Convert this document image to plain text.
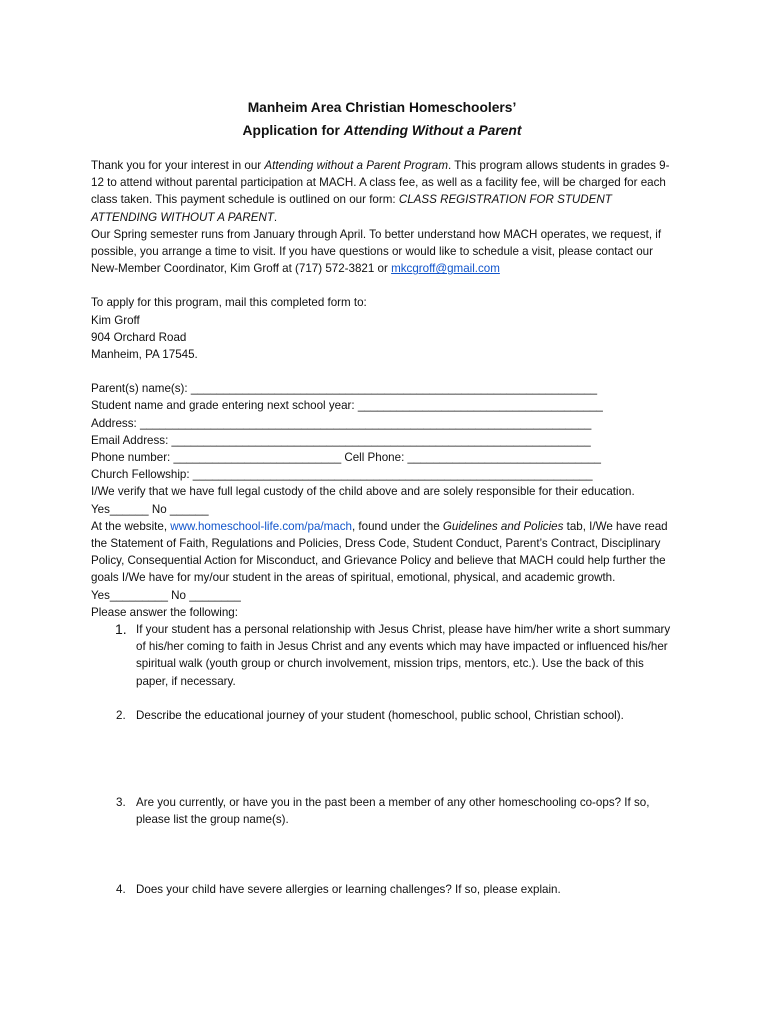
Manheim Area Christian Homeschoolers’
Application for Attending Without a Parent

Thank you for your interest in our Attending without a Parent Program. This program allows students in grades 9-12 to attend without parental participation at MACH. A class fee, as well as a facility fee, will be charged for each class taken. This payment schedule is outlined on our form: CLASS REGISTRATION FOR STUDENT ATTENDING WITHOUT A PARENT.

Our Spring semester runs from January through April. To better understand how MACH operates, we request, if possible, you arrange a time to visit. If you have questions or would like to schedule a visit, please contact our New-Member Coordinator, Kim Groff at (717) 572-3821 or mkcgroff@gmail.com

To apply for this program, mail this completed form to:

Kim Groff

904 Orchard Road

Manheim, PA 17545.

Parent(s) name(s): _______________________________________________________________

Student name and grade entering next school year: ______________________________________

Address: ______________________________________________________________________

Email Address: _________________________________________________________________

Phone number: __________________________ Cell Phone: ______________________________

Church Fellowship: ______________________________________________________________

I/We verify that we have full legal custody of the child above and are solely responsible for their education. Yes______ No ______

At the website, www.homeschool-life.com/pa/mach, found under the Guidelines and Policies tab, I/We have read the Statement of Faith, Regulations and Policies, Dress Code, Student Conduct, Parent’s Contract, Disciplinary Policy, Consequential Action for Misconduct, and Grievance Policy and believe that MACH could help further the goals I/We have for my/our student in the areas of spiritual, emotional, physical, and academic growth. Yes_________ No ________

Please answer the following:

1. If your student has a personal relationship with Jesus Christ, please have him/her write a short summary of his/her coming to faith in Jesus Christ and any events which may have impacted or influenced his/her spiritual walk (youth group or church involvement, mission trips, mentors, etc.). Use the back of this paper, if necessary.
2. Describe the educational journey of your student (homeschool, public school, Christian school).
3. Are you currently, or have you in the past been a member of any other homeschooling co-ops? If so, please list the group name(s).
4. Does your child have severe allergies or learning challenges? If so, please explain.
